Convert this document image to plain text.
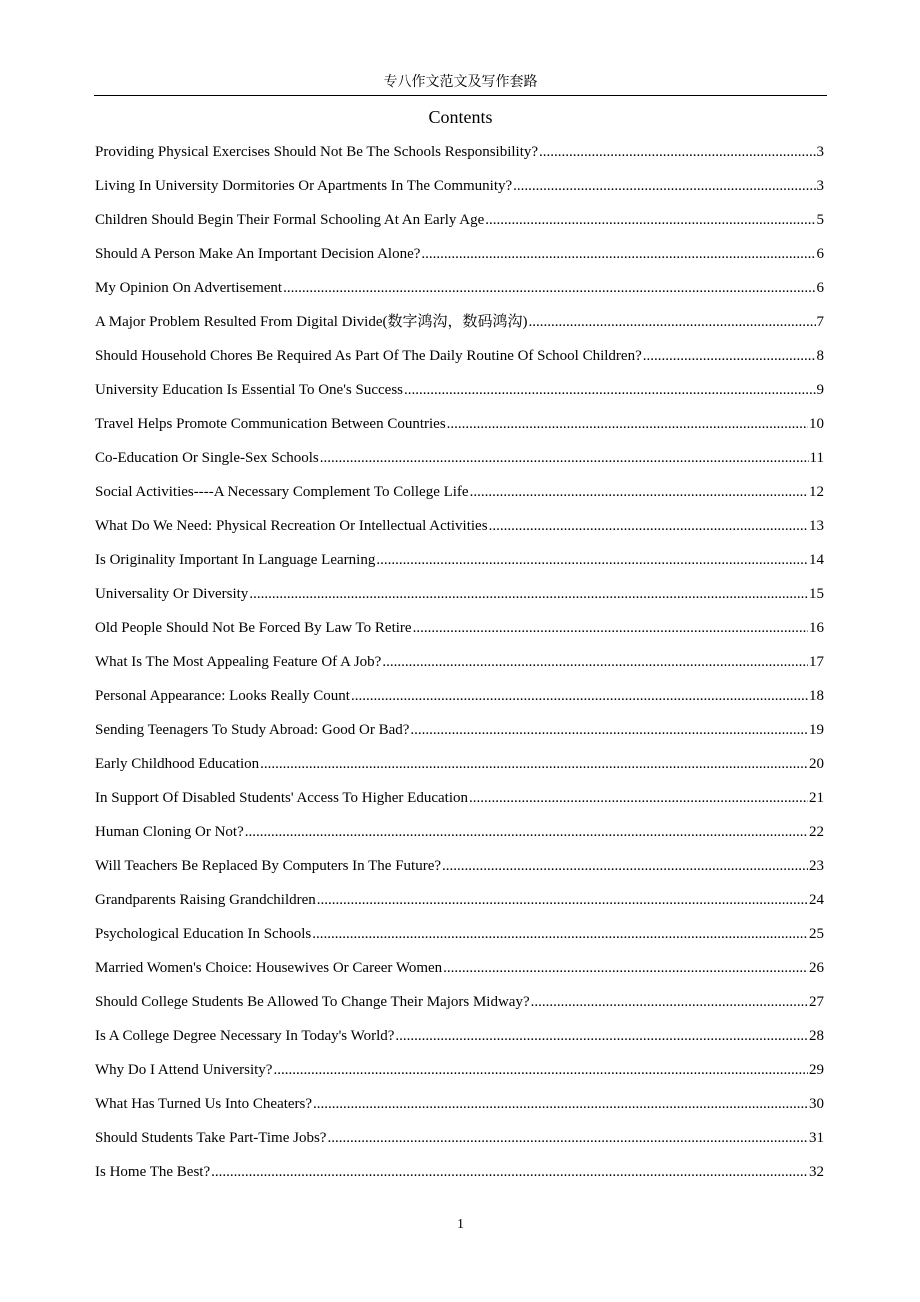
专八作文范文及写作套路
Contents
Providing Physical Exercises Should Not Be The Schools Responsibility? .....	3
Living In University Dormitories Or Apartments In The Community? .....	3
Children Should Begin Their Formal Schooling At An Early Age .....	5
Should A Person Make An Important Decision Alone? .....	6
My Opinion On Advertisement .....	6
A Major Problem Resulted From Digital Divide(数字鸿沟，数码鸿沟) .....	7
Should Household Chores Be Required As Part Of The Daily Routine Of School Children? .....	8
University Education Is Essential To One's Success .....	9
Travel Helps Promote Communication Between Countries .....	10
Co-Education Or Single-Sex Schools .....	11
Social Activities----A Necessary Complement To College Life .....	12
What Do We Need: Physical Recreation Or Intellectual Activities .....	13
Is Originality Important In Language Learning .....	14
Universality Or Diversity .....	15
Old People Should Not Be Forced By Law To Retire .....	16
What Is The Most Appealing Feature Of A Job? .....	17
Personal Appearance: Looks Really Count .....	18
Sending Teenagers To Study Abroad: Good Or Bad? .....	19
Early Childhood Education .....	20
In Support Of Disabled Students' Access To Higher Education .....	21
Human Cloning Or Not? .....	22
Will Teachers Be Replaced By Computers In The Future? .....	23
Grandparents Raising Grandchildren .....	24
Psychological Education In Schools .....	25
Married Women's Choice: Housewives Or Career Women .....	26
Should College Students Be Allowed To Change Their Majors Midway? .....	27
Is A College Degree Necessary In Today's World? .....	28
Why Do I Attend University? .....	29
What Has Turned Us Into Cheaters? .....	30
Should Students Take Part-Time Jobs? .....	31
Is Home The Best? .....	32
1
